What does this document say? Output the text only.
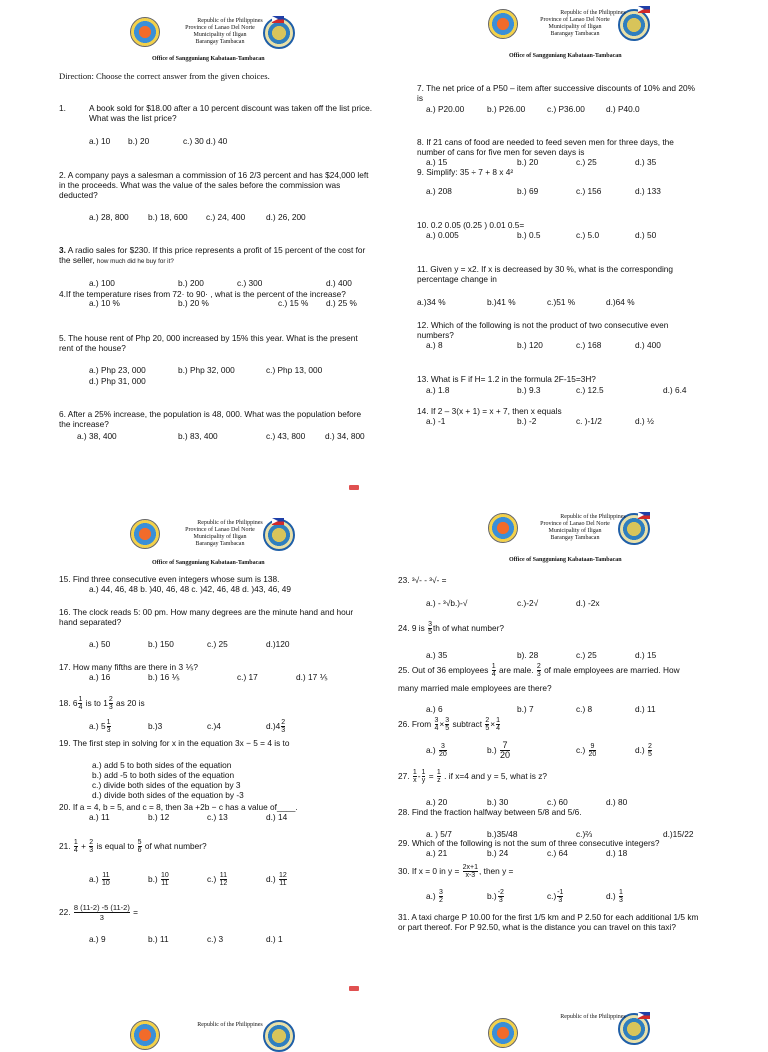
Republic of the Philippines
Province of Lanao Del Norte
Municipality of Iligan
Barangay Tambacan
Office of Sangguniang Kabataan-Tambacan
Republic of the Philippines
Province of Lanao Del Norte
Municipality of Iligan
Barangay Tambacan
Office of Sangguniang Kabataan-Tambacan
Direction: Choose the correct answer from the given choices.
1.	A book sold for $18.00 after a 10 percent discount was taken off the list price. What was the list price?
a.) 10 b.) 20	c.) 30 d.) 40
2. A company pays a salesman a commission of 16 2/3 percent and has $24,000 left in the proceeds. What was the value of the sales before the commission was deducted?
a.) 28, 800 b.) 18, 600 c.) 24, 400	d.) 26, 200
3. A radio sales for $230. If this price represents a profit of 15 percent of the cost for the seller, how much did he buy for it?
a.) 100	b.) 200	c.) 300	d.) 400
4.If the temperature rises from 72· to 90· , what is the percent of the increase?
a.) 10 %	b.) 20 %	c.) 15 % d.) 25 %
5. The house rent of Php 20, 000 increased by 15% this year. What is the present rent of the house?
a.) Php 23, 000	b.) Php 32, 000	c.) Php 13, 000
d.) Php 31, 000
6. After a 25% increase, the population is 48, 000. What was the population before the increase?
a.) 38, 400	b.) 83, 400	c.) 43, 800 d.) 34, 800
7. The net price of a P50 – item after successive discounts of 10% and 20% is
a.) P20.00	b.) P26.00	c.) P36.00	d.) P40.0
8. If 21 cans of food are needed to feed seven men for three days, the number of cans for five men for seven days is
a.) 15	b.) 20	c.) 25	d.) 35
9. Simplify: 35 ÷ 7 + 8 x 4²
a.) 208	b.) 69	c.) 156	d.) 133
10. 0.2 0.05 (0.25 ) 0.01 0.5=
a.) 0.005	b.) 0.5	c.) 5.0	d.) 50
11. Given y = x2. If x is decreased by 30 %, what is the corresponding percentage change in
a.)34 %	b.)41 %	c.)51 %	d.)64 %
12. Which of the following is not the product of two consecutive even numbers?
a.) 8	b.) 120	c.) 168	d.) 400
13. What is F if H= 1.2 in the formula 2F-15=3H?
a.) 1.8	b.) 9.3	c.) 12.5	d.) 6.4
14. If 2 – 3(x + 1) = x + 7, then x equals
a.) -1	b.) -2	c. )-1/2	d.) ½
Republic of the Philippines
Province of Lanao Del Norte
Municipality of Iligan
Barangay Tambacan
Office of Sangguniang Kabataan-Tambacan
Republic of the Philippines
Province of Lanao Del Norte
Municipality of Iligan
Barangay Tambacan
Office of Sangguniang Kabataan-Tambacan
15. Find three consecutive even integers whose sum is 138.
a.) 44, 46, 48 b. )40, 46, 48 c. )42, 46, 48 d. )43, 46, 49
16. The clock reads 5: 00 pm. How many degrees are the minute hand and hour hand separated?
a.) 50	b.) 150	c.) 25	d.)120
17. How many fifths are there in 3 ⅕?
a.) 16	b.) 16 ⅕	c.) 17	d.) 17 ⅕
18. $6 \frac{1}{4}$ is to $1 \frac{2}{3}$ as 20 is
a.) $5 \frac{1}{3}$	b.)3	c.)4	$d.)4 \frac{2}{3}$
19. The first step in solving for x in the equation 3x − 5 = 4 is to
a.) add 5 to both sides of the equation
b.) add -5 to both sides of the equation
c.) divide both sides of the equation by 3
d.) divide both sides of the equation by -3
20. If a = 4, b = 5, and c = 8, then 3a +2b − c has a value of____.
a.) 11	b.) 12	c.) 13	d.) 14
21. $\frac{1}{4} + \frac{2}{3}$ is equal to $\frac{5}{6}$ of what number?
$a.) \frac{11}{10}$	$b.) \frac{10}{11}$	$c.) \frac{11}{12}$	$d.) \frac{12}{11}$
22. $\frac{8 (11-2) -5 (11-2)}{3}$ =
a.) 9	b.) 11	c.) 3	d.) 1
23. ³√‐ - ³√‐ =
a.) - ³√b.)‐√	c.)-2√	d.) -2x
24. 9 is $\frac{3}{5}$ th of what number?
a.) 35	b). 28	c.) 25	d.) 15
25. Out of 36 employees $\frac{1}{4}$ are male. $\frac{2}{3}$ of male employees are married. How
many married male employees are there?
a.) 6	b.) 7	c.) 8	d.) 11
26. From $\frac{3}{4} \times \frac{3}{5}$ subtract $\frac{2}{5} \times \frac{1}{4}$
$a.) \frac{3}{20}$	$b.) \frac{7}{20}$	$c.) \frac{9}{20}$	$d.) \frac{2}{5}$
27. $\frac{1}{x} - \frac{1}{y} = \frac{1}{z}$ . if x=4 and y = 5, what is z?
a.) 20	b.) 30	c.) 60	d.) 80
28. Find the fraction halfway between 5/8 and 5/6.
a. ) 5/7	b.)35/48	c.)⅔	d.)15/22
29. Which of the following is not the sum of three consecutive integers?
a.) 21	b.) 24	c.) 64	d.) 18
30. If x = 0 in $y = \frac{2x+1}{x-3}$ , then y =
$a.) \frac{3}{2}$	$b.) \frac{-2}{3}$	$c.) \frac{-1}{3}$	$d.) \frac{1}{3}$
31. A taxi charge P 10.00 for the first 1/5 km and P 2.50 for each additional 1/5 km or part thereof. For P 92.50, what is the distance you can travel on this taxi?
Republic of the Philippines
Republic of the Philippines
